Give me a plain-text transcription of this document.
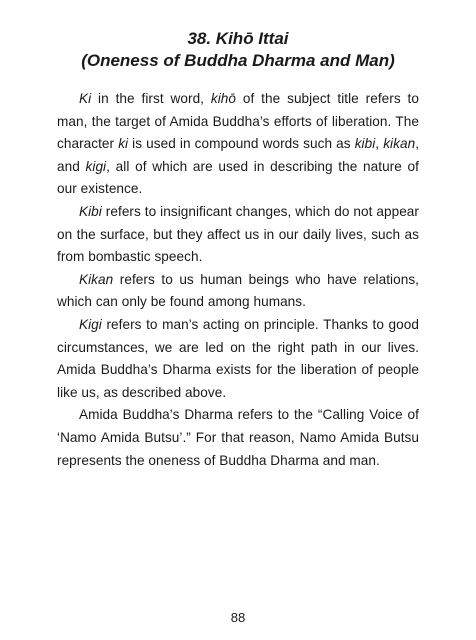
38. Kihō Ittai
(Oneness of Buddha Dharma and Man)

Ki in the first word, kihō of the subject title refers to man, the target of Amida Buddha’s efforts of liberation. The character ki is used in compound words such as kibi, kikan, and kigi, all of which are used in describing the nature of our existence.

Kibi refers to insignificant changes, which do not appear on the surface, but they affect us in our daily lives, such as from bombastic speech.

Kikan refers to us human beings who have relations, which can only be found among humans.

Kigi refers to man’s acting on principle. Thanks to good circumstances, we are led on the right path in our lives. Amida Buddha’s Dharma exists for the liberation of people like us, as described above.

Amida Buddha’s Dharma refers to the “Calling Voice of ‘Namo Amida Butsu’.” For that reason, Namo Amida Butsu represents the oneness of Buddha Dharma and man.

88
